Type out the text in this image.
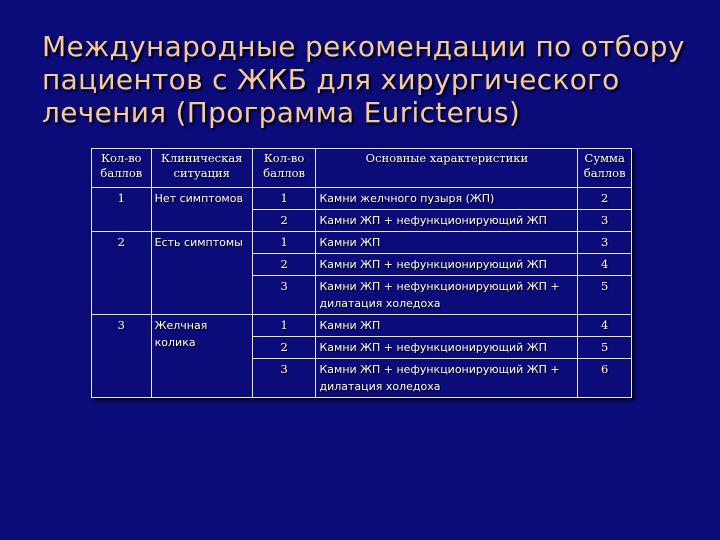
Международные рекомендации по отбору пациентов с ЖКБ для хирургического лечения (Программа Euricterus)
Кол-во баллов	Клиническая ситуация	Кол-во баллов	Основные характеристики	Сумма баллов
1	Нет симптомов	1	Камни желчного пузыря (ЖП)	2
		2	Камни ЖП + нефункционирующий ЖП	3
2	Есть симптомы	1	Камни ЖП	3
		2	Камни ЖП + нефункционирующий ЖП	4
		3	Камни ЖП + нефункционирующий ЖП + дилатация холедоха	5
3	Желчная колика	1	Камни ЖП	4
		2	Камни ЖП + нефункционирующий ЖП	5
		3	Камни ЖП + нефункционирующий ЖП + дилатация холедоха	6
